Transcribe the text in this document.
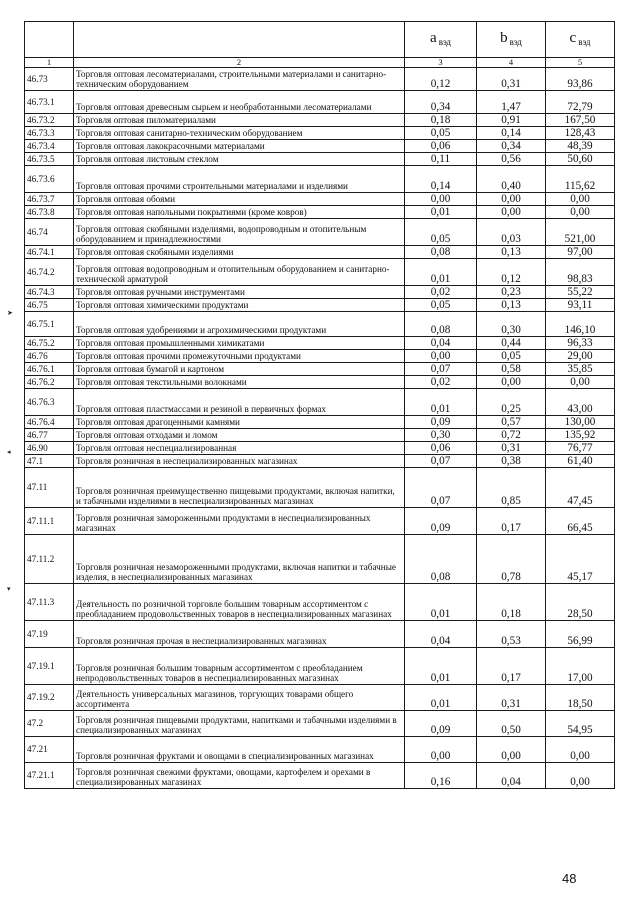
		a $_{вэд}$	b $_{вэд}$	c $_{вэд}$
1	2	3	4	5
46.73	Торговля оптовая лесоматериалами, строительными материалами и санитарно-техническим оборудованием	0,12	0,31	93,86
46.73.1	Торговля оптовая древесным сырьем и необработанными лесоматериалами	0,34	1,47	72,79
46.73.2	Торговля оптовая пиломатериалами	0,18	0,91	167,50
46.73.3	Торговля оптовая санитарно-техническим оборудованием	0,05	0,14	128,43
46.73.4	Торговля оптовая лакокрасочными материалами	0,06	0,34	48,39
46.73.5	Торговля оптовая листовым стеклом	0,11	0,56	50,60
46.73.6	Торговля оптовая прочими строительными материалами и изделиями	0,14	0,40	115,62
46.73.7	Торговля оптовая обоями	0,00	0,00	0,00
46.73.8	Торговля оптовая напольными покрытиями (кроме ковров)	0,01	0,00	0,00
46.74	Торговля оптовая скобяными изделиями, водопроводным и отопительным оборудованием и принадлежностями	0,05	0,03	521,00
46.74.1	Торговля оптовая скобяными изделиями	0,08	0,13	97,00
46.74.2	Торговля оптовая водопроводным и отопительным оборудованием и санитарно-технической арматурой	0,01	0,12	98,83
46.74.3	Торговля оптовая ручными инструментами	0,02	0,23	55,22
46.75	Торговля оптовая химическими продуктами	0,05	0,13	93,11
46.75.1	Торговля оптовая удобрениями и агрохимическими продуктами	0,08	0,30	146,10
46.75.2	Торговля оптовая промышленными химикатами	0,04	0,44	96,33
46.76	Торговля оптовая прочими промежуточными продуктами	0,00	0,05	29,00
46.76.1	Торговля оптовая бумагой и картоном	0,07	0,58	35,85
46.76.2	Торговля оптовая текстильными волокнами	0,02	0,00	0,00
46.76.3	Торговля оптовая пластмассами и резиной в первичных формах	0,01	0,25	43,00
46.76.4	Торговля оптовая драгоценными камнями	0,09	0,57	130,00
46.77	Торговля оптовая отходами и ломом	0,30	0,72	135,92
46.90	Торговля оптовая неспециализированная	0,06	0,31	76,77
47.1	Торговля розничная в неспециализированных магазинах	0,07	0,38	61,40
47.11	Торговля розничная преимущественно пищевыми продуктами, включая напитки, и табачными изделиями в неспециализированных магазинах	0,07	0,85	47,45
47.11.1	Торговля розничная замороженными продуктами в неспециализированных магазинах	0,09	0,17	66,45
47.11.2	Торговля розничная незамороженными продуктами, включая напитки и табачные изделия, в неспециализированных магазинах	0,08	0,78	45,17
47.11.3	Деятельность по розничной торговле большим товарным ассортиментом с преобладанием продовольственных товаров в неспециализированных магазинах	0,01	0,18	28,50
47.19	Торговля розничная прочая в неспециализированных магазинах	0,04	0,53	56,99
47.19.1	Торговля розничная большим товарным ассортиментом с преобладанием непродовольственных товаров в неспециализированных магазинах	0,01	0,17	17,00
47.19.2	Деятельность универсальных магазинов, торгующих товарами общего ассортимента	0,01	0,31	18,50
47.2	Торговля розничная пищевыми продуктами, напитками и табачными изделиями в специализированных магазинах	0,09	0,50	54,95
47.21	Торговля розничная фруктами и овощами в специализированных магазинах	0,00	0,00	0,00
47.21.1	Торговля розничная свежими фруктами, овощами, картофелем и орехами в специализированных магазинах	0,16	0,04	0,00
➤
◂
▾
48
